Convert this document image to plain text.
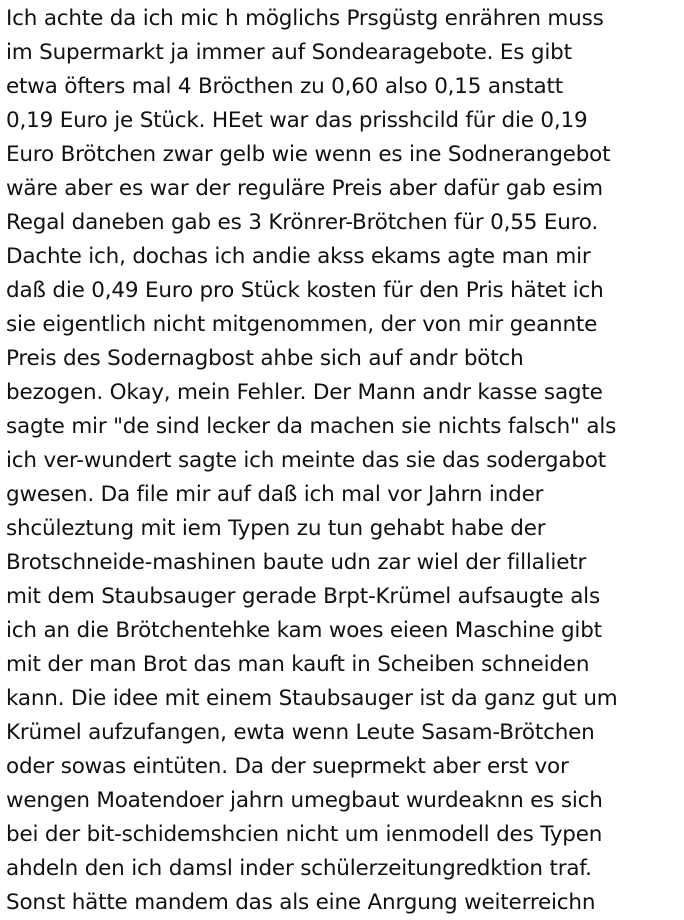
Ich achte da ich mic h möglichs Prsgüstg enrähren muss
im Supermarkt ja immer auf Sondearagebote. Es gibt
etwa öfters mal 4 Bröcthen zu 0,60 also 0,15 anstatt
0,19 Euro je Stück. HEet war das prisshcild für die 0,19
Euro Brötchen zwar gelb wie wenn es ine Sodnerangebot
wäre aber es war der reguläre Preis aber dafür gab esim
Regal daneben gab es 3 Krönrer-Brötchen für 0,55 Euro.
Dachte ich, dochas ich andie akss ekams agte man mir
daß die 0,49 Euro pro Stück kosten für den Pris hätet ich
sie eigentlich nicht mitgenommen, der von mir geannte
Preis des Sodernagbost ahbe sich auf andr bötch
bezogen. Okay, mein Fehler. Der Mann andr kasse sagte
sagte mir "de sind lecker da machen sie nichts falsch" als
ich ver-wundert sagte ich meinte das sie das sodergabot
gwesen. Da file mir auf daß ich mal vor Jahrn inder
shcüleztung mit iem Typen zu tun gehabt habe der
Brotschneide-mashinen baute udn zar wiel der fillalietr
mit dem Staubsauger gerade Brpt-Krümel aufsaugte als
ich an die Brötchentehke kam woes eieen Maschine gibt
mit der man Brot das man kauft in Scheiben schneiden
kann. Die idee mit einem Staubsauger ist da ganz gut um
Krümel aufzufangen, ewta wenn Leute Sasam-Brötchen
oder sowas eintüten. Da der sueprmekt aber erst vor
wengen Moatendoer jahrn umegbaut wurdeaknn es sich
bei der bit-schidemshcien nicht um ienmodell des Typen
ahdeln den ich damsl inder schülerzeitungredktion traf.
Sonst hätte mandem das als eine Anrgung weiterreichn
